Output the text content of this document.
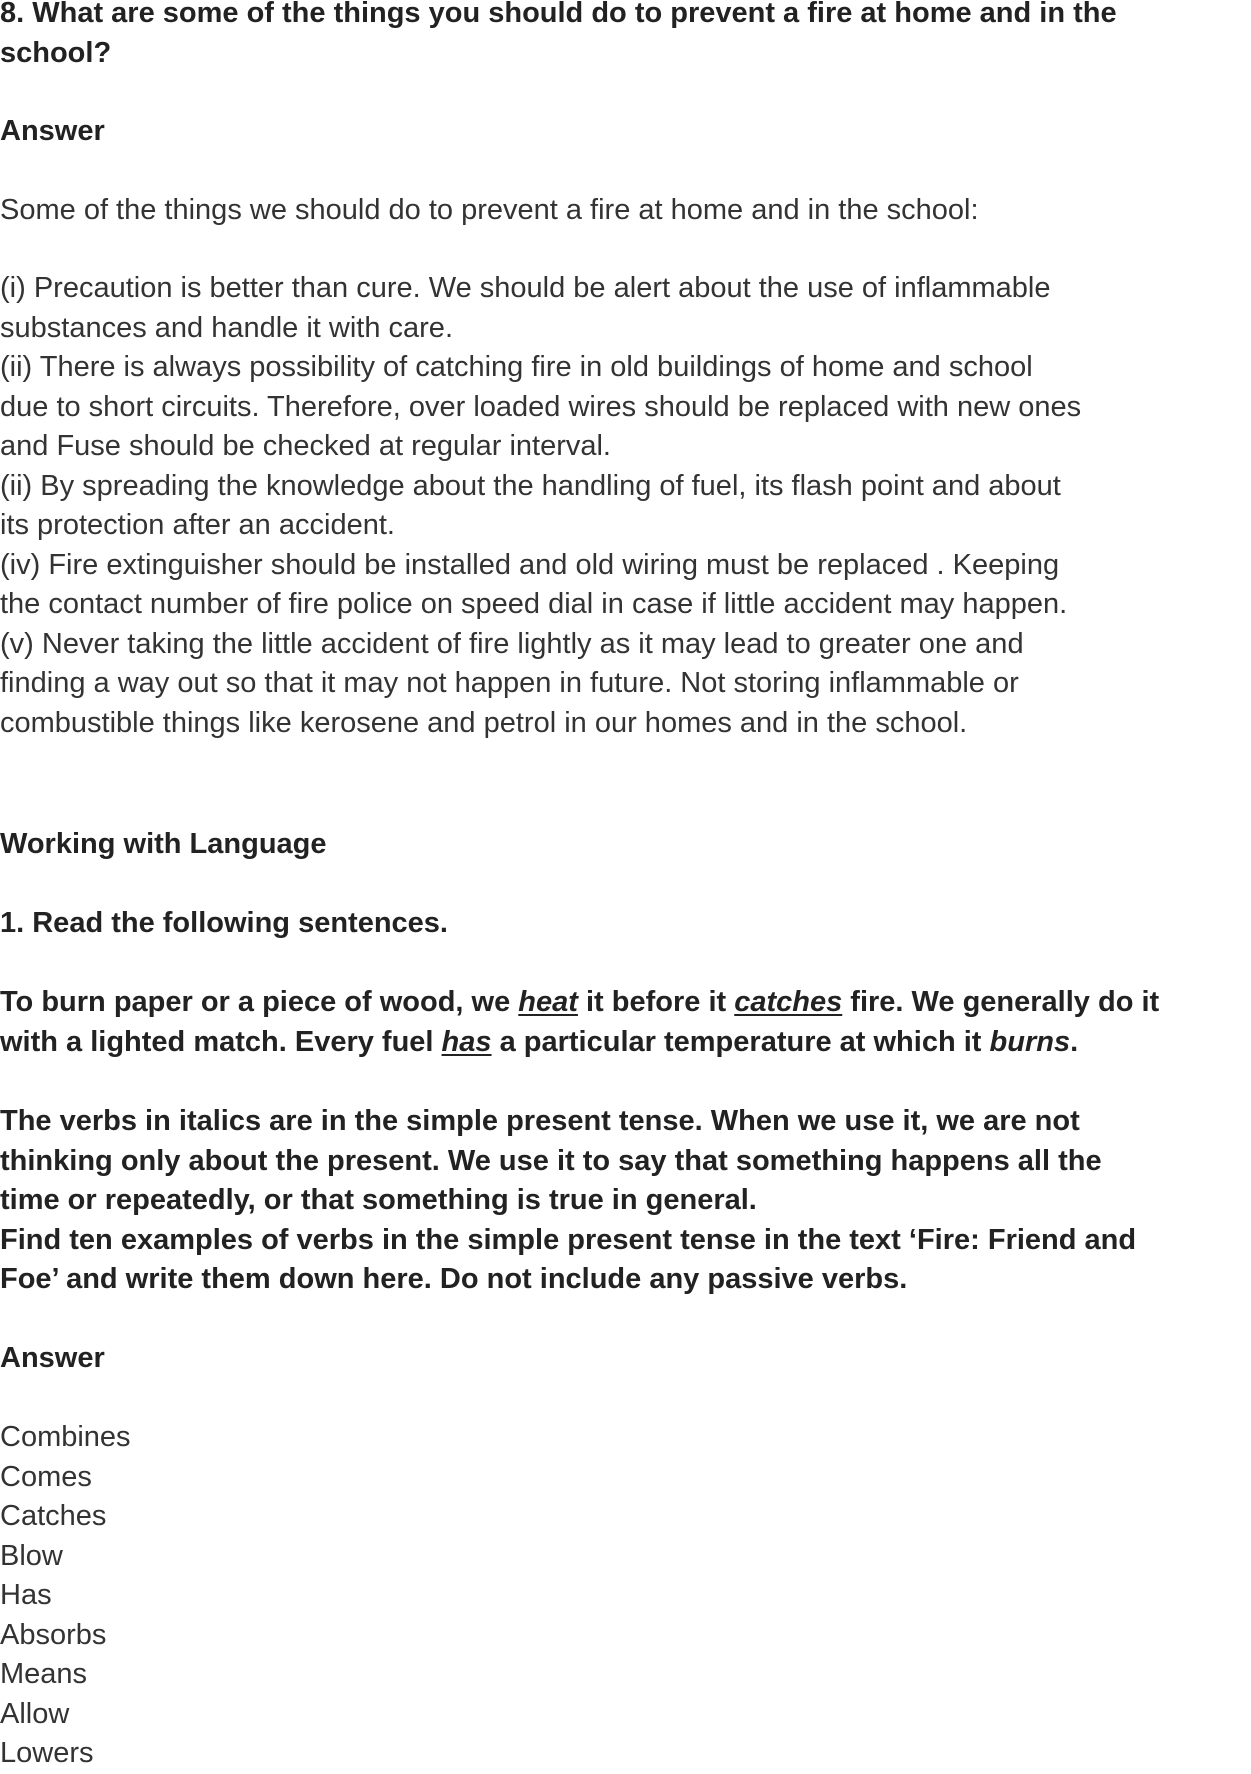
8. What are some of the things you should do to prevent a fire at home and in the
school?
Answer
Some of the things we should do to prevent a fire at home and in the school:
(i) Precaution is better than cure. We should be alert about the use of inflammable
substances and handle it with care.
(ii) There is always possibility of catching fire in old buildings of home and school
due to short circuits. Therefore, over loaded wires should be replaced with new ones
and Fuse should be checked at regular interval.
(ii) By spreading the knowledge about the handling of fuel, its flash point and about
its protection after an accident.
(iv) Fire extinguisher should be installed and old wiring must be replaced . Keeping
the contact number of fire police on speed dial in case if little accident may happen.
(v) Never taking the little accident of fire lightly as it may lead to greater one and
finding a way out so that it may not happen in future. Not storing inflammable or
combustible things like kerosene and petrol in our homes and in the school.
Working with Language
1. Read the following sentences.
To burn paper or a piece of wood, we heat it before it catches fire. We generally do it
with a lighted match. Every fuel has a particular temperature at which it burns.
The verbs in italics are in the simple present tense. When we use it, we are not
thinking only about the present. We use it to say that something happens all the
time or repeatedly, or that something is true in general.
Find ten examples of verbs in the simple present tense in the text ‘Fire: Friend and
Foe’ and write them down here. Do not include any passive verbs.
Answer
Combines
Comes
Catches
Blow
Has
Absorbs
Means
Allow
Lowers
